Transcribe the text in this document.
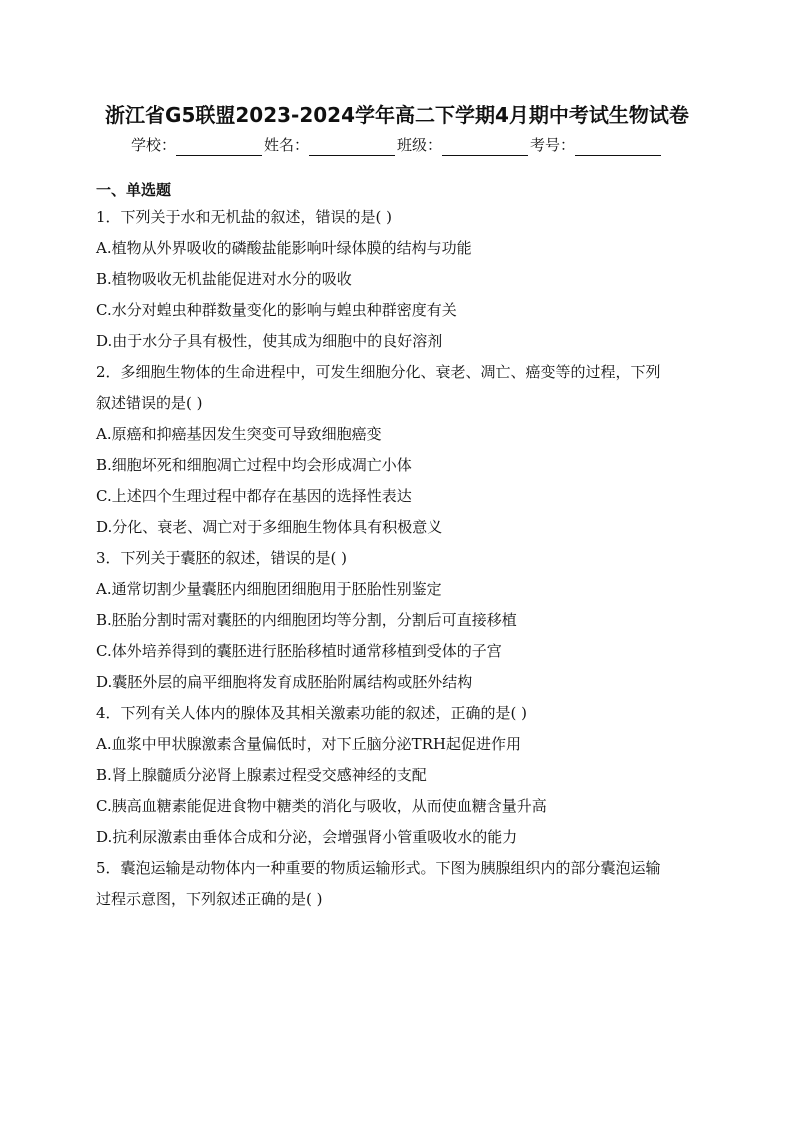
浙江省G5联盟2023-2024学年高二下学期4月期中考试生物试卷
学校：	姓名：	班级：	考号：
一、单选题
1．下列关于水和无机盐的叙述，错误的是( )
A.植物从外界吸收的磷酸盐能影响叶绿体膜的结构与功能
B.植物吸收无机盐能促进对水分的吸收
C.水分对蝗虫种群数量变化的影响与蝗虫种群密度有关
D.由于水分子具有极性，使其成为细胞中的良好溶剂
2．多细胞生物体的生命进程中，可发生细胞分化、衰老、凋亡、癌变等的过程，下列
叙述错误的是( )
A.原癌和抑癌基因发生突变可导致细胞癌变
B.细胞坏死和细胞凋亡过程中均会形成凋亡小体
C.上述四个生理过程中都存在基因的选择性表达
D.分化、衰老、凋亡对于多细胞生物体具有积极意义
3．下列关于囊胚的叙述，错误的是( )
A.通常切割少量囊胚内细胞团细胞用于胚胎性别鉴定
B.胚胎分割时需对囊胚的内细胞团均等分割，分割后可直接移植
C.体外培养得到的囊胚进行胚胎移植时通常移植到受体的子宫
D.囊胚外层的扁平细胞将发育成胚胎附属结构或胚外结构
4．下列有关人体内的腺体及其相关激素功能的叙述，正确的是( )
A.血浆中甲状腺激素含量偏低时，对下丘脑分泌TRH起促进作用
B.肾上腺髓质分泌肾上腺素过程受交感神经的支配
C.胰高血糖素能促进食物中糖类的消化与吸收，从而使血糖含量升高
D.抗利尿激素由垂体合成和分泌，会增强肾小管重吸收水的能力
5．囊泡运输是动物体内一种重要的物质运输形式。下图为胰腺组织内的部分囊泡运输
过程示意图，下列叙述正确的是( )
